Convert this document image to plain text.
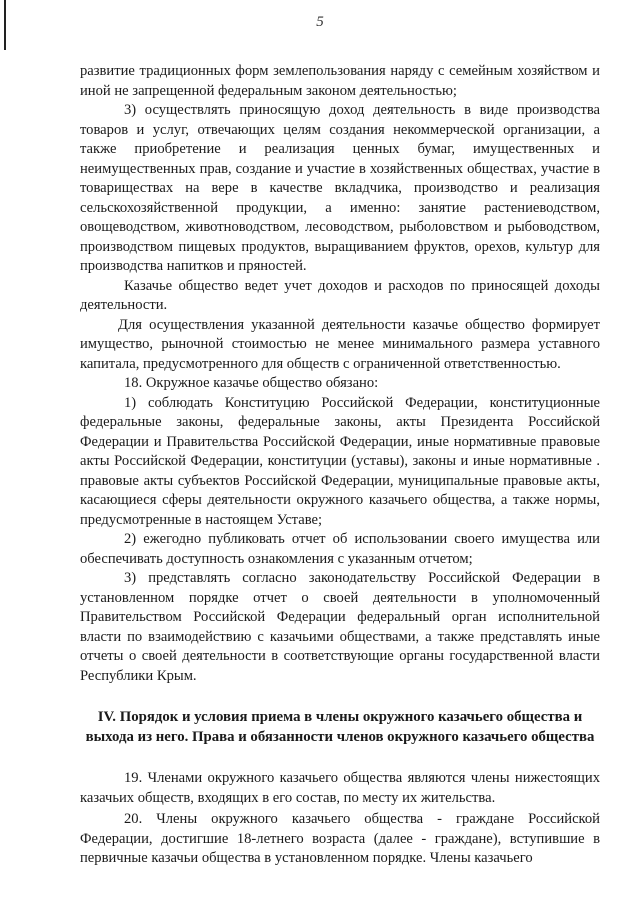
5

развитие традиционных форм землепользования наряду с семейным хозяйством и иной не запрещенной федеральным законом деятельностью;

3) осуществлять приносящую доход деятельность в виде производства товаров и услуг, отвечающих целям создания некоммерческой организации, а также приобретение и реализация ценных бумаг, имущественных и неимущественных прав, создание и участие в хозяйственных обществах, участие в товариществах на вере в качестве вкладчика, производство и реализация сельскохозяйственной продукции, а именно: занятие растениеводством, овощеводством, животноводством, лесоводством, рыболовством и рыбоводством, производством пищевых продуктов, выращиванием фруктов, орехов, культур для производства напитков и пряностей.

Казачье общество ведет учет доходов и расходов по приносящей доходы деятельности.

Для осуществления указанной деятельности казачье общество формирует имущество, рыночной стоимостью не менее минимального размера уставного капитала, предусмотренного для обществ с ограниченной ответственностью.

18. Окружное казачье общество обязано:

1) соблюдать Конституцию Российской Федерации, конституционные федеральные законы, федеральные законы, акты Президента Российской Федерации и Правительства Российской Федерации, иные нормативные правовые акты Российской Федерации, конституции (уставы), законы и иные нормативные . правовые акты субъектов Российской Федерации, муниципальные правовые акты, касающиеся сферы деятельности окружного казачьего общества, а также нормы, предусмотренные в настоящем Уставе;

2) ежегодно публиковать отчет об использовании своего имущества или обеспечивать доступность ознакомления с указанным отчетом;

3) представлять согласно законодательству Российской Федерации в установленном порядке отчет о своей деятельности в уполномоченный Правительством Российской Федерации федеральный орган исполнительной власти по взаимодействию с казачьими обществами, а также представлять иные отчеты о своей деятельности в соответствующие органы государственной власти Республики Крым.

IV. Порядок и условия приема в члены окружного казачьего общества и выхода из него. Права и обязанности членов окружного казачьего общества

19. Членами окружного казачьего общества являются члены нижестоящих казачьих обществ, входящих в его состав, по месту их жительства.

20. Члены окружного казачьего общества - граждане Российской Федерации, достигшие 18-летнего возраста (далее - граждане), вступившие в первичные казачьи общества в установленном порядке. Члены казачьего
